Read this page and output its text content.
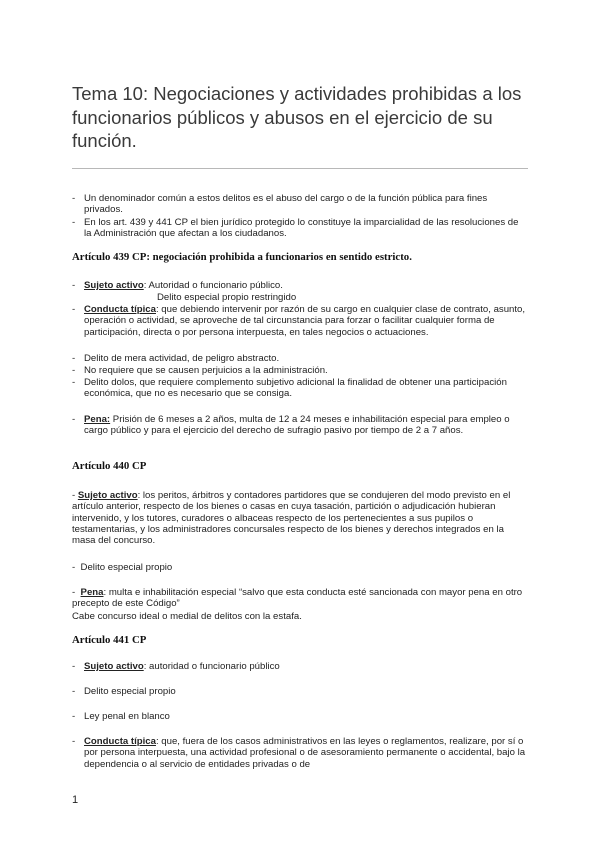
Tema 10: Negociaciones y actividades prohibidas a los funcionarios públicos y abusos en el ejercicio de su función.
- Un denominador común a estos delitos es el abuso del cargo o de la función pública para fines privados.
- En los art. 439 y 441 CP el bien jurídico protegido lo constituye la imparcialidad de las resoluciones de la Administración que afectan a los ciudadanos.
Artículo 439 CP: negociación prohibida a funcionarios en sentido estricto.
- Sujeto activo: Autoridad o funcionario público.
Delito especial propio restringido
- Conducta típica: que debiendo intervenir por razón de su cargo en cualquier clase de contrato, asunto, operación o actividad, se aproveche de tal circunstancia para forzar o facilitar cualquier forma de participación, directa o por persona interpuesta, en tales negocios o actuaciones.
- Delito de mera actividad, de peligro abstracto.
- No requiere que se causen perjuicios a la administración.
- Delito dolos, que requiere complemento subjetivo adicional la finalidad de obtener una participación económica, que no es necesario que se consiga.
- Pena: Prisión de 6 meses a 2 años, multa de 12 a 24 meses e inhabilitación especial para empleo o cargo público y para el ejercicio del derecho de sufragio pasivo por tiempo de 2 a 7 años.
Artículo 440 CP
- Sujeto activo: los peritos, árbitros y contadores partidores que se condujeren del modo previsto en el artículo anterior, respecto de los bienes o casas en cuya tasación, partición o adjudicación hubieran intervenido, y los tutores, curadores o albaceas respecto de los pertenecientes a sus pupilos o testamentarias, y los administradores concursales respecto de los bienes y derechos integrados en la masa del concurso.
- Delito especial propio
- Pena: multa e inhabilitación especial “salvo que esta conducta esté sancionada con mayor pena en otro precepto de este Código”
Cabe concurso ideal o medial de delitos con la estafa.
Artículo 441 CP
- Sujeto activo: autoridad o funcionario público
- Delito especial propio
- Ley penal en blanco
- Conducta típica: que, fuera de los casos administrativos en las leyes o reglamentos, realizare, por sí o por persona interpuesta, una actividad profesional o de asesoramiento permanente o accidental, bajo la dependencia o al servicio de entidades privadas o de
1
